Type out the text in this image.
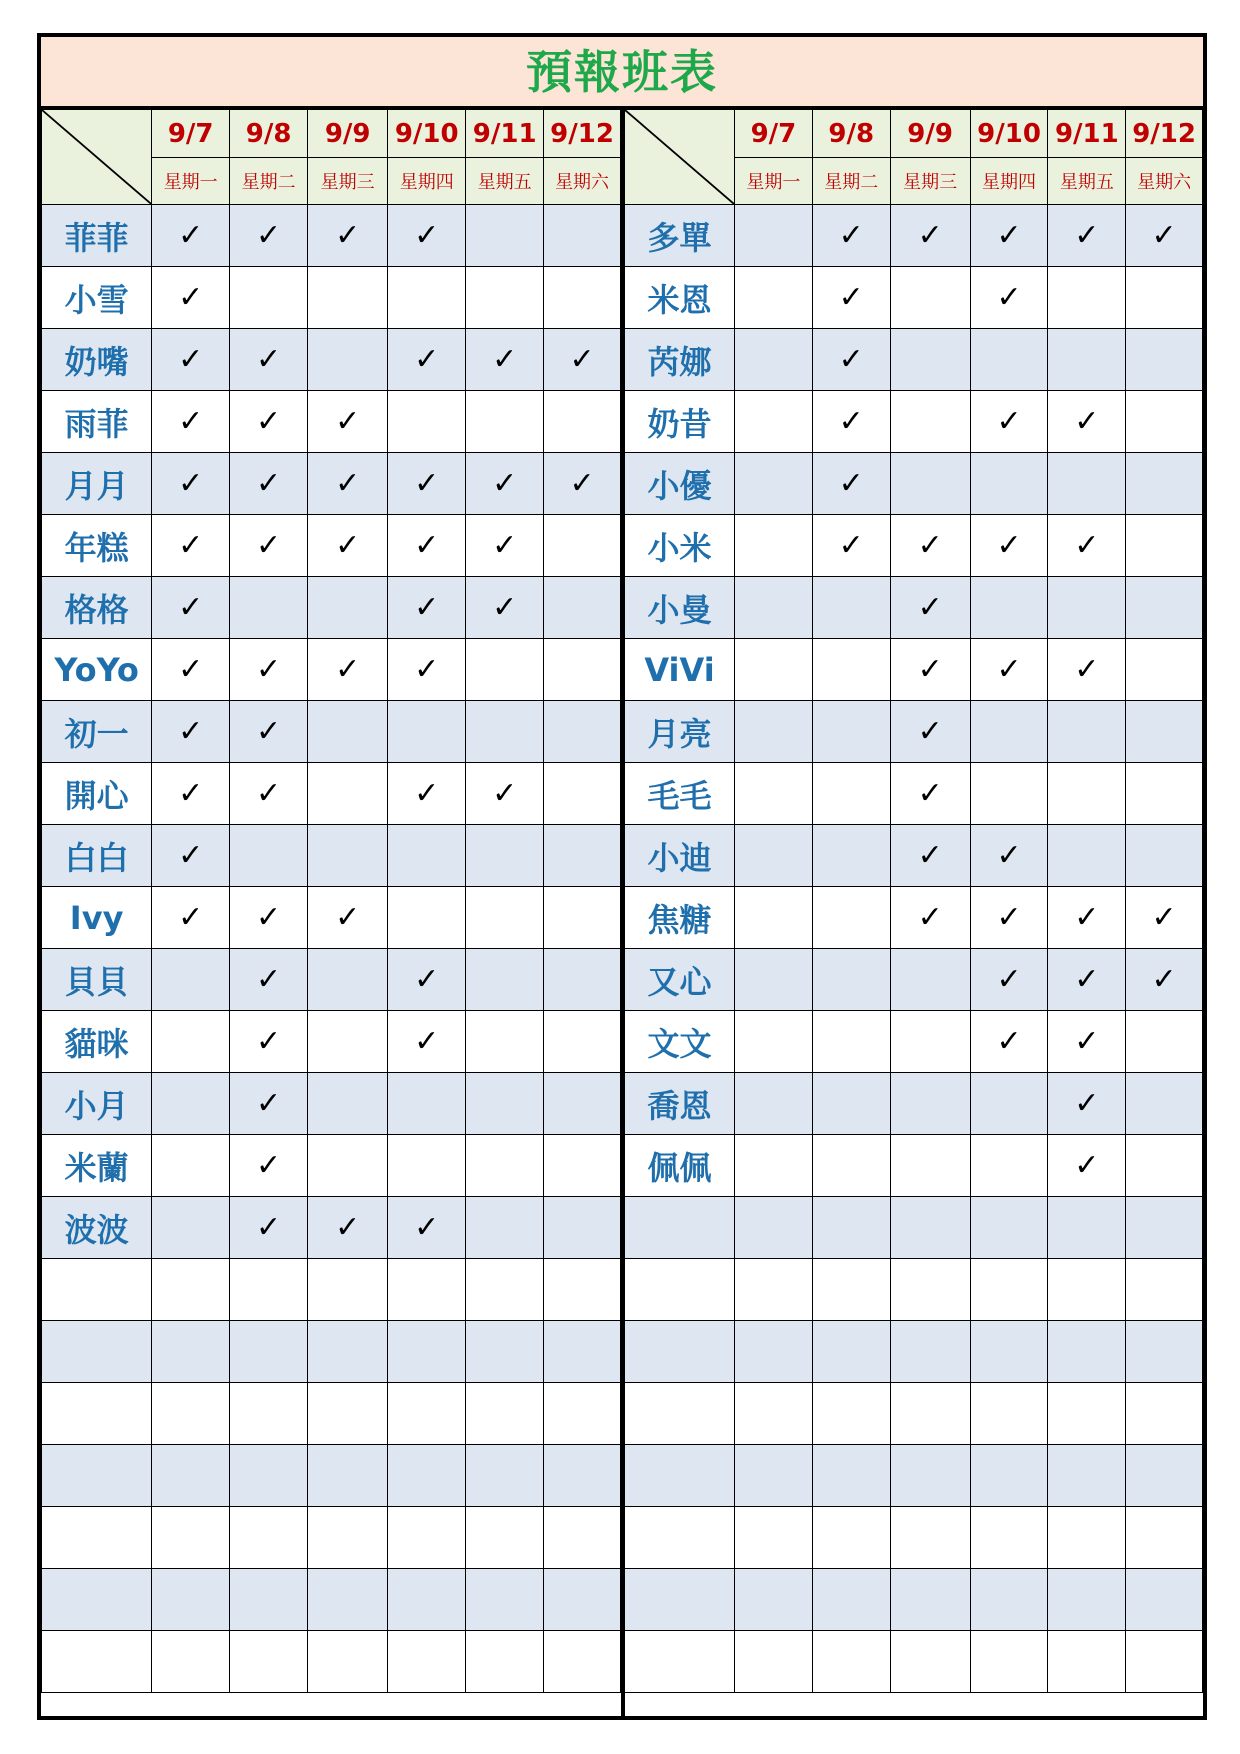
預報班表
	9/7	9/8	9/9	9/10	9/11	9/12
	星期一	星期二	星期三	星期四	星期五	星期六
菲菲	✓	✓	✓	✓		
小雪	✓					
奶嘴	✓	✓		✓	✓	✓
雨菲	✓	✓	✓			
月月	✓	✓	✓	✓	✓	✓
年糕	✓	✓	✓	✓	✓	
格格	✓			✓	✓	
YoYo	✓	✓	✓	✓		
初一	✓	✓				
開心	✓	✓		✓	✓	
白白	✓					
Ivy	✓	✓	✓			
貝貝		✓		✓		
貓咪		✓		✓		
小月		✓				
米蘭		✓				
波波		✓	✓	✓		

	9/7	9/8	9/9	9/10	9/11	9/12
	星期一	星期二	星期三	星期四	星期五	星期六
多單		✓	✓	✓	✓	✓
米恩		✓		✓		
芮娜		✓				
奶昔		✓		✓	✓	
小優		✓				
小米		✓	✓	✓	✓	
小曼			✓			
ViVi			✓	✓	✓	
月亮			✓			
毛毛			✓			
小迪			✓	✓		
焦糖			✓	✓	✓	✓
又心				✓	✓	✓
文文				✓	✓	
喬恩					✓	
佩佩					✓	
